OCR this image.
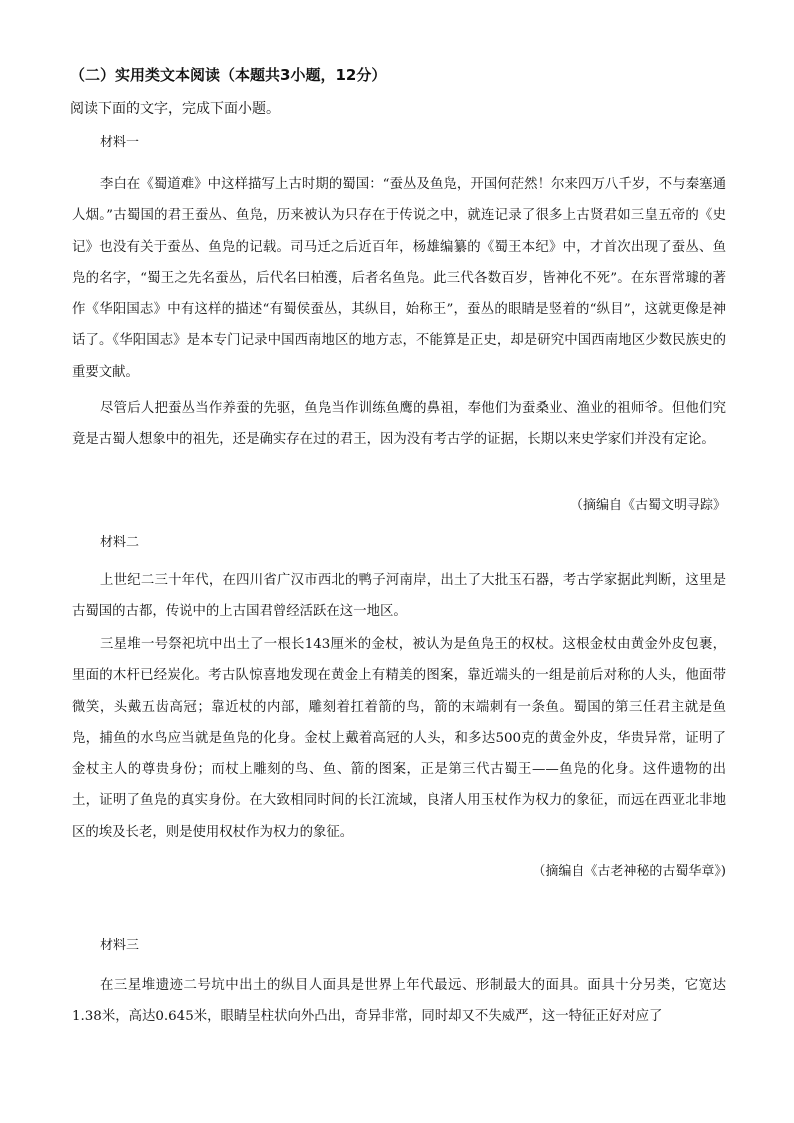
（二）实用类文本阅读（本题共3小题，12分）
阅读下面的文字，完成下面小题。
材料一
李白在《蜀道难》中这样描写上古时期的蜀国：“蚕丛及鱼凫，开国何茫然！尔来四万八千岁，不与秦塞通人烟。”古蜀国的君王蚕丛、鱼凫，历来被认为只存在于传说之中，就连记录了很多上古贤君如三皇五帝的《史记》也没有关于蚕丛、鱼凫的记载。司马迁之后近百年，杨雄编纂的《蜀王本纪》中，才首次出现了蚕丛、鱼凫的名字，“蜀王之先名蚕丛，后代名曰柏濩，后者名鱼凫。此三代各数百岁，皆神化不死”。在东晋常璩的著作《华阳国志》中有这样的描述“有蜀侯蚕丛，其纵目，始称王”，蚕丛的眼睛是竖着的“纵目”，这就更像是神话了。《华阳国志》是本专门记录中国西南地区的地方志，不能算是正史，却是研究中国西南地区少数民族史的重要文献。
尽管后人把蚕丛当作养蚕的先驱，鱼凫当作训练鱼鹰的鼻祖，奉他们为蚕桑业、渔业的祖师爷。但他们究竟是古蜀人想象中的祖先，还是确实存在过的君王，因为没有考古学的证据，长期以来史学家们并没有定论。
（摘编自《古蜀文明寻踪》
材料二
上世纪二三十年代，在四川省广汉市西北的鸭子河南岸，出土了大批玉石器，考古学家据此判断，这里是古蜀国的古都，传说中的上古国君曾经活跃在这一地区。
三星堆一号祭祀坑中出土了一根长143厘米的金杖，被认为是鱼凫王的权杖。这根金杖由黄金外皮包裹，里面的木杆已经炭化。考古队惊喜地发现在黄金上有精美的图案，靠近端头的一组是前后对称的人头，他面带微笑，头戴五齿高冠；靠近杖的内部，雕刻着扛着箭的鸟，箭的末端刺有一条鱼。蜀国的第三任君主就是鱼凫，捕鱼的水鸟应当就是鱼凫的化身。金杖上戴着高冠的人头，和多达500克的黄金外皮，华贵异常，证明了金杖主人的尊贵身份；而杖上雕刻的鸟、鱼、箭的图案，正是第三代古蜀王——鱼凫的化身。这件遗物的出土，证明了鱼凫的真实身份。在大致相同时间的长江流域，良渚人用玉杖作为权力的象征，而远在西亚北非地区的埃及长老，则是使用权杖作为权力的象征。
（摘编自《古老神秘的古蜀华章》)
材料三
在三星堆遗迹二号坑中出土的纵目人面具是世界上年代最远、形制最大的面具。面具十分另类，它宽达1.38米，高达0.645米，眼睛呈柱状向外凸出，奇异非常，同时却又不失威严，这一特征正好对应了
